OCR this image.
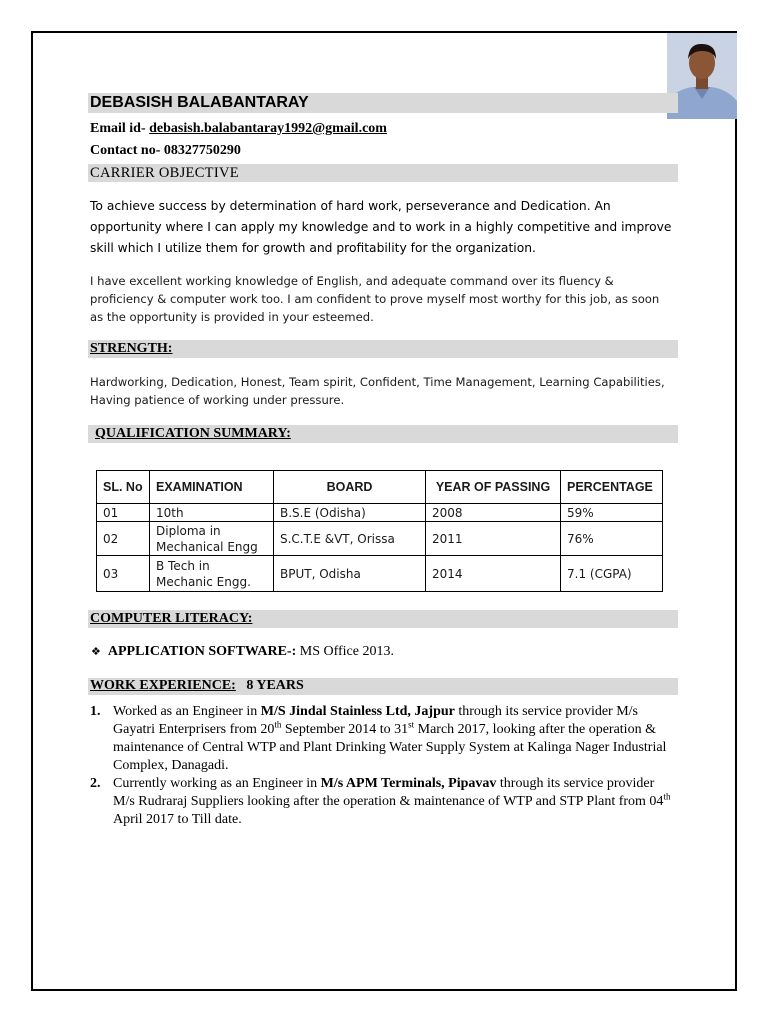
DEBASISH BALABANTARAY
Email id- debasish.balabantaray1992@gmail.com
Contact no- 08327750290
CARRIER OBJECTIVE
To achieve success by determination of hard work, perseverance and Dedication. An opportunity where I can apply my knowledge and to work in a highly competitive and improve skill which I utilize them for growth and profitability for the organization.
I have excellent working knowledge of English, and adequate command over its fluency & proficiency & computer work too. I am confident to prove myself most worthy for this job, as soon as the opportunity is provided in your esteemed.
STRENGTH:
Hardworking, Dedication, Honest, Team spirit, Confident, Time Management, Learning Capabilities, Having patience of working under pressure.
QUALIFICATION SUMMARY:
SL. No	EXAMINATION	BOARD	YEAR OF PASSING	PERCENTAGE
01	10th	B.S.E (Odisha)	2008	59%
02	Diploma in Mechanical Engg	S.C.T.E &VT, Orissa	2011	76%
03	B Tech in Mechanic Engg.	BPUT, Odisha	2014	7.1 (CGPA)
COMPUTER LITERACY:
❖ APPLICATION SOFTWARE-: MS Office 2013.
WORK EXPERIENCE: 8 YEARS
1. Worked as an Engineer in M/S Jindal Stainless Ltd, Jajpur through its service provider M/s Gayatri Enterprisers from 20th September 2014 to 31st March 2017, looking after the operation & maintenance of Central WTP and Plant Drinking Water Supply System at Kalinga Nager Industrial Complex, Danagadi.
2. Currently working as an Engineer in M/s APM Terminals, Pipavav through its service provider M/s Rudraraj Suppliers looking after the operation & maintenance of WTP and STP Plant from 04th April 2017 to Till date.
